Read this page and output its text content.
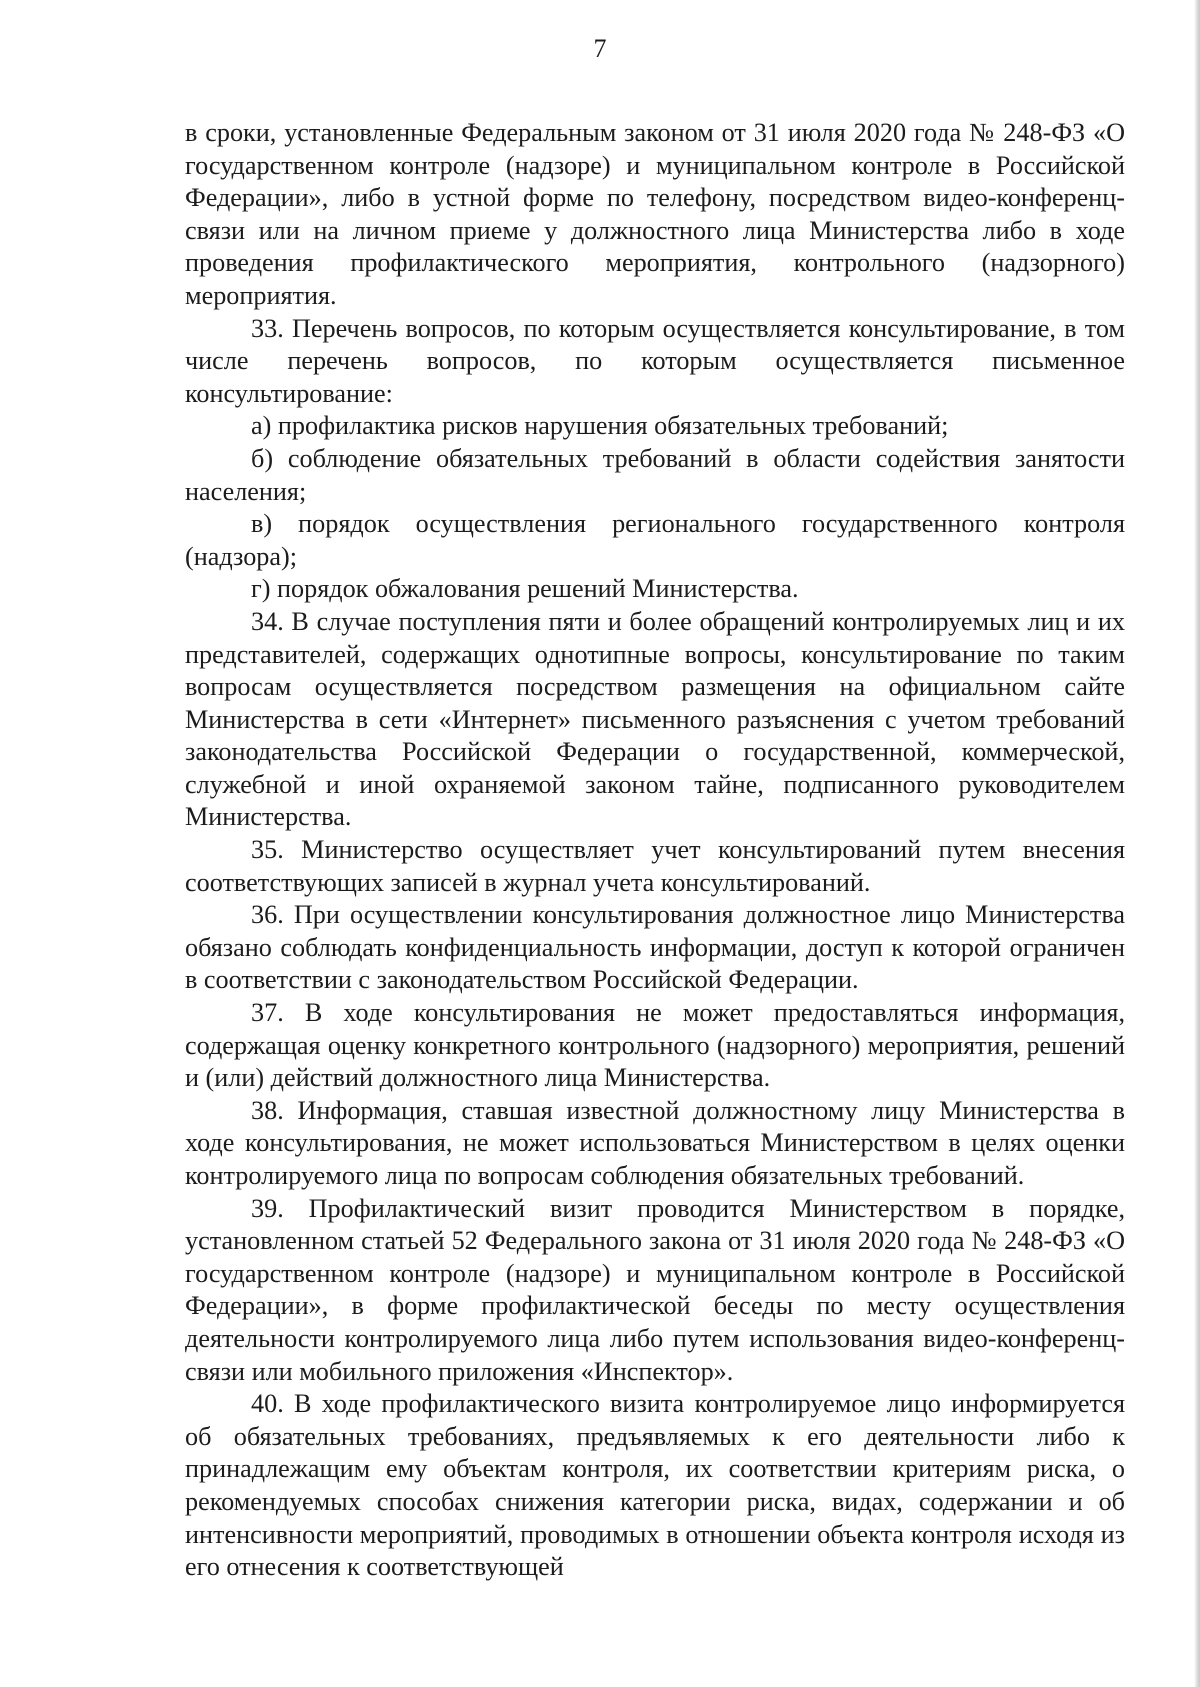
7

в сроки, установленные Федеральным законом от 31 июля 2020 года № 248-ФЗ «О государственном контроле (надзоре) и муниципальном контроле в Российской Федерации», либо в устной форме по телефону, посредством видео-конференц-связи или на личном приеме у должностного лица Министерства либо в ходе проведения профилактического мероприятия, контрольного (надзорного) мероприятия.

33. Перечень вопросов, по которым осуществляется консультирование, в том числе перечень вопросов, по которым осуществляется письменное консультирование:

а) профилактика рисков нарушения обязательных требований;

б) соблюдение обязательных требований в области содействия занятости населения;

в) порядок осуществления регионального государственного контроля (надзора);

г) порядок обжалования решений Министерства.

34. В случае поступления пяти и более обращений контролируемых лиц и их представителей, содержащих однотипные вопросы, консультирование по таким вопросам осуществляется посредством размещения на официальном сайте Министерства в сети «Интернет» письменного разъяснения с учетом требований законодательства Российской Федерации о государственной, коммерческой, служебной и иной охраняемой законом тайне, подписанного руководителем Министерства.

35. Министерство осуществляет учет консультирований путем внесения соответствующих записей в журнал учета консультирований.

36. При осуществлении консультирования должностное лицо Министерства обязано соблюдать конфиденциальность информации, доступ к которой ограничен в соответствии с законодательством Российской Федерации.

37. В ходе консультирования не может предоставляться информация, содержащая оценку конкретного контрольного (надзорного) мероприятия, решений и (или) действий должностного лица Министерства.

38. Информация, ставшая известной должностному лицу Министерства в ходе консультирования, не может использоваться Министерством в целях оценки контролируемого лица по вопросам соблюдения обязательных требований.

39. Профилактический визит проводится Министерством в порядке, установленном статьей 52 Федерального закона от 31 июля 2020 года № 248-ФЗ «О государственном контроле (надзоре) и муниципальном контроле в Российской Федерации», в форме профилактической беседы по месту осуществления деятельности контролируемого лица либо путем использования видео-конференц-связи или мобильного приложения «Инспектор».

40. В ходе профилактического визита контролируемое лицо информируется об обязательных требованиях, предъявляемых к его деятельности либо к принадлежащим ему объектам контроля, их соответствии критериям риска, о рекомендуемых способах снижения категории риска, видах, содержании и об интенсивности мероприятий, проводимых в отношении объекта контроля исходя из его отнесения к соответствующей
